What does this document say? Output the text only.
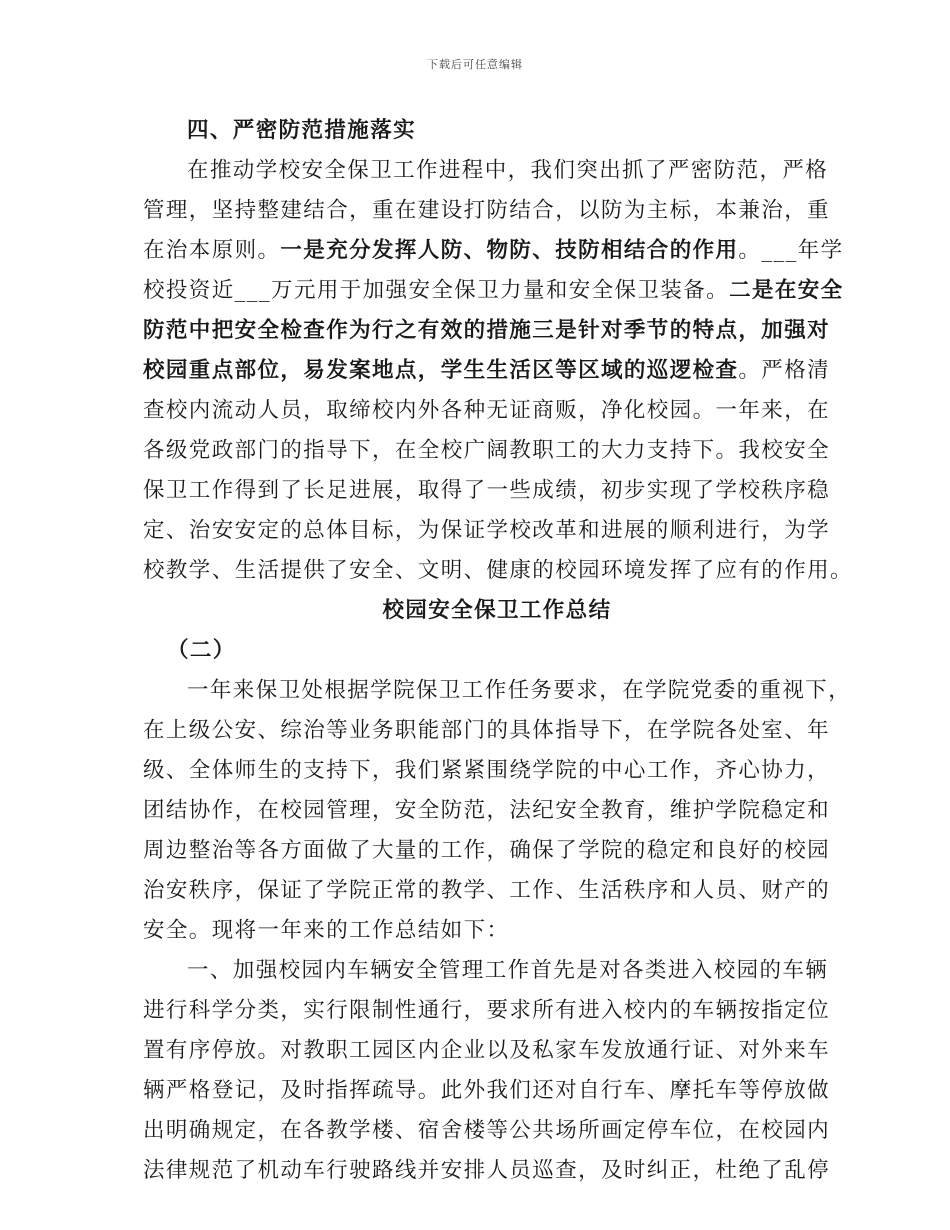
下载后可任意编辑
四、严密防范措施落实
在推动学校安全保卫工作进程中，我们突出抓了严密防范，严格
管理，坚持整建结合，重在建设打防结合，以防为主标，本兼治，重
在治本原则。一是充分发挥人防、物防、技防相结合的作用。___年学
校投资近___万元用于加强安全保卫力量和安全保卫装备。二是在安全
防范中把安全检查作为行之有效的措施三是针对季节的特点，加强对
校园重点部位，易发案地点，学生生活区等区域的巡逻检查。严格清
查校内流动人员，取缔校内外各种无证商贩，净化校园。一年来，在
各级党政部门的指导下，在全校广阔教职工的大力支持下。我校安全
保卫工作得到了长足进展，取得了一些成绩，初步实现了学校秩序稳
定、治安安定的总体目标，为保证学校改革和进展的顺利进行，为学
校教学、生活提供了安全、文明、健康的校园环境发挥了应有的作用。
校园安全保卫工作总结
（二）
一年来保卫处根据学院保卫工作任务要求，在学院党委的重视下，
在上级公安、综治等业务职能部门的具体指导下，在学院各处室、年
级、全体师生的支持下，我们紧紧围绕学院的中心工作，齐心协力，
团结协作，在校园管理，安全防范，法纪安全教育，维护学院稳定和
周边整治等各方面做了大量的工作，确保了学院的稳定和良好的校园
治安秩序，保证了学院正常的教学、工作、生活秩序和人员、财产的
安全。现将一年来的工作总结如下：
一、加强校园内车辆安全管理工作首先是对各类进入校园的车辆
进行科学分类，实行限制性通行，要求所有进入校内的车辆按指定位
置有序停放。对教职工园区内企业以及私家车发放通行证、对外来车
辆严格登记，及时指挥疏导。此外我们还对自行车、摩托车等停放做
出明确规定，在各教学楼、宿舍楼等公共场所画定停车位，在校园内
法律规范了机动车行驶路线并安排人员巡查，及时纠正，杜绝了乱停
